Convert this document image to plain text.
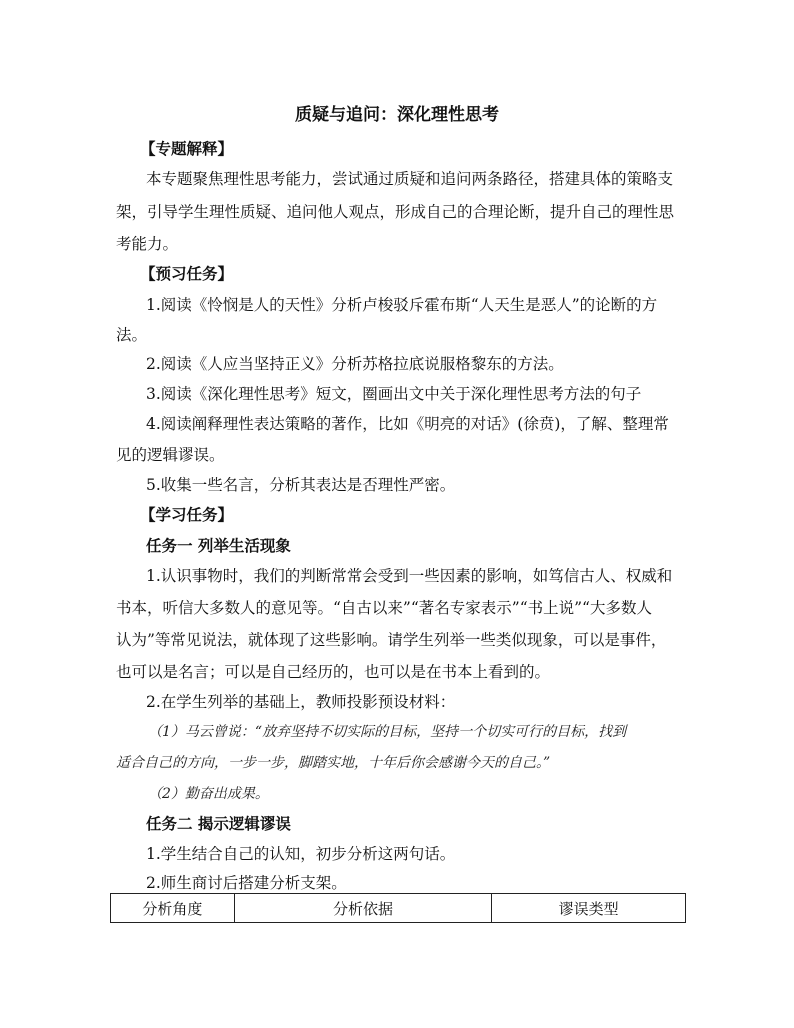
质疑与追问：深化理性思考
【专题解释】
本专题聚焦理性思考能力，尝试通过质疑和追问两条路径，搭建具体的策略支
架，引导学生理性质疑、追问他人观点，形成自己的合理论断，提升自己的理性思
考能力。
【预习任务】
1.阅读《怜悯是人的天性》分析卢梭驳斥霍布斯“人天生是恶人”的论断的方
法。
2.阅读《人应当坚持正义》分析苏格拉底说服格黎东的方法。
3.阅读《深化理性思考》短文，圈画出文中关于深化理性思考方法的句子
4.阅读阐释理性表达策略的著作，比如《明亮的对话》(徐贲)，了解、整理常
见的逻辑谬误。
5.收集一些名言，分析其表达是否理性严密。
【学习任务】
任务一 列举生活现象
1.认识事物时，我们的判断常常会受到一些因素的影响，如笃信古人、权威和
书本，听信大多数人的意见等。“自古以来”“著名专家表示”“书上说”“大多数人
认为”等常见说法，就体现了这些影响。请学生列举一些类似现象，可以是事件，
也可以是名言；可以是自己经历的，也可以是在书本上看到的。
2.在学生列举的基础上，教师投影预设材料：
（1）马云曾说：“放弃坚持不切实际的目标，坚持一个切实可行的目标，找到
适合自己的方向，一步一步，脚踏实地，十年后你会感谢今天的自己。”
（2）勤奋出成果。
任务二 揭示逻辑谬误
1.学生结合自己的认知，初步分析这两句话。
2.师生商讨后搭建分析支架。
分析角度	分析依据	谬误类型
